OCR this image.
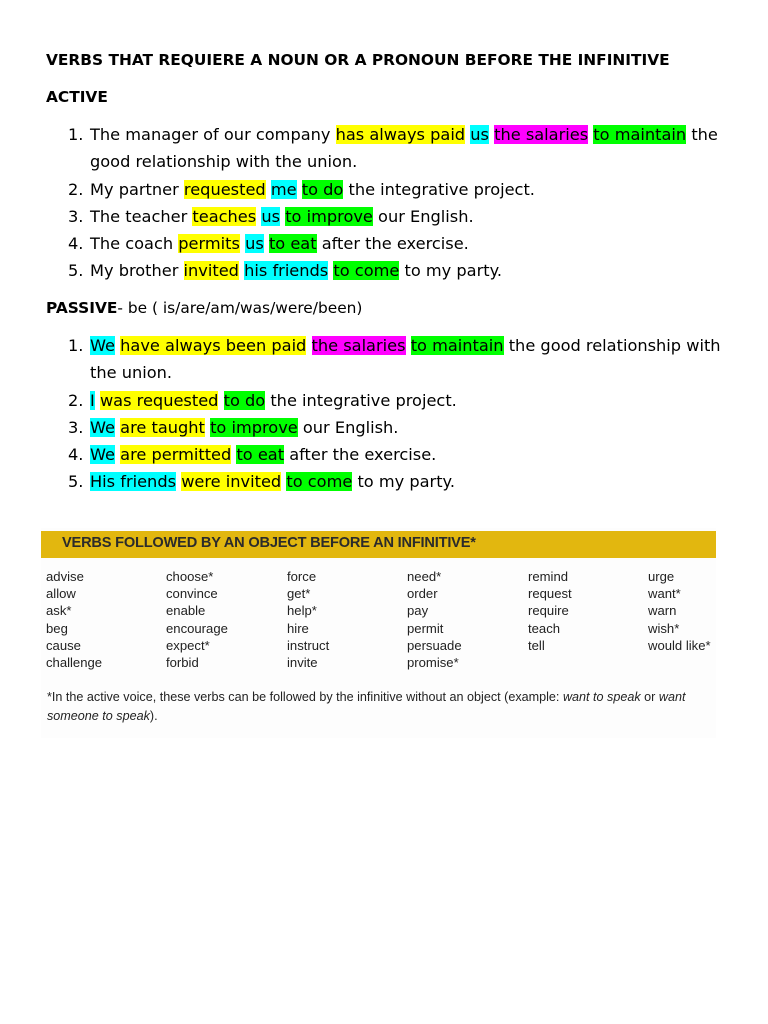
VERBS THAT REQUIERE A NOUN OR A PRONOUN BEFORE THE INFINITIVE
ACTIVE
1. The manager of our company has always paid us the salaries to maintain the good relationship with the union.
2. My partner requested me to do the integrative project.
3. The teacher teaches us to improve our English.
4. The coach permits us to eat after the exercise.
5. My brother invited his friends to come to my party.
PASSIVE- be ( is/are/am/was/were/been)
1. We have always been paid the salaries to maintain the good relationship with the union.
2. I was requested to do the integrative project.
3. We are taught to improve our English.
4. We are permitted to eat after the exercise.
5. His friends were invited to come to my party.
VERBS FOLLOWED BY AN OBJECT BEFORE AN INFINITIVE*
advise
allow
ask*
beg
cause
challenge
choose*
convince
enable
encourage
expect*
forbid
force
get*
help*
hire
instruct
invite
need*
order
pay
permit
persuade
promise*
remind
request
require
teach
tell
urge
want*
warn
wish*
would like*
*In the active voice, these verbs can be followed by the infinitive without an object (example: want to speak or want someone to speak).
